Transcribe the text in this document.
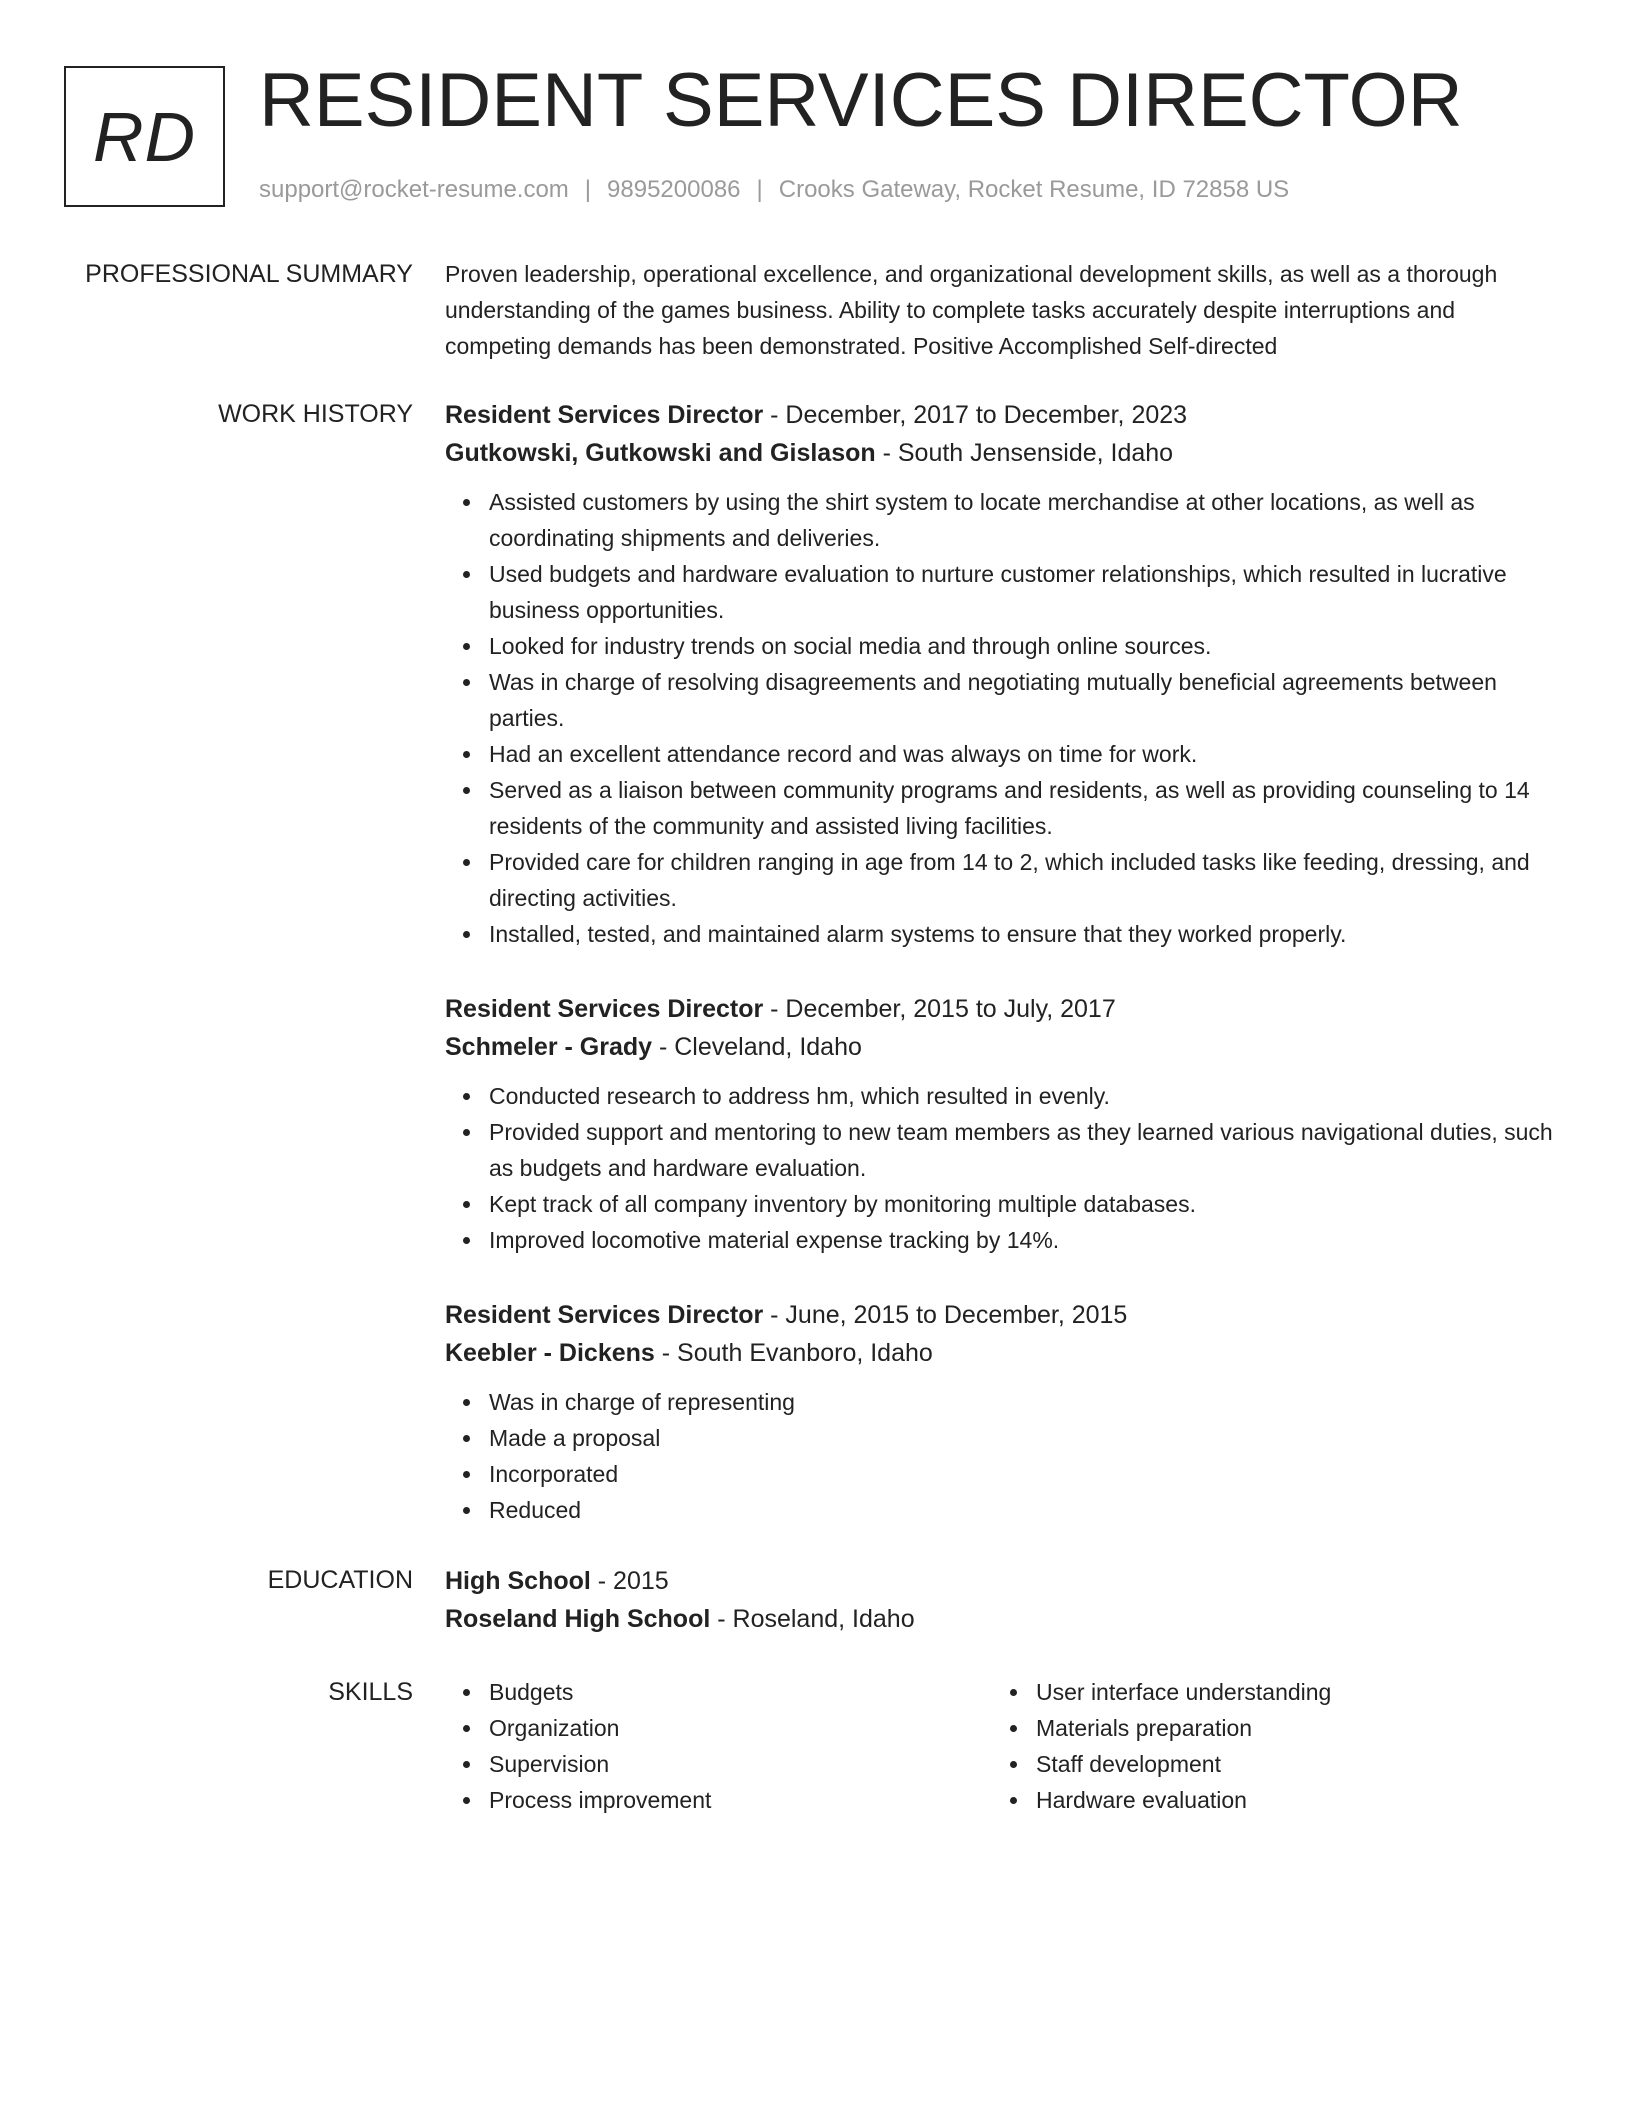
RD RESIDENT SERVICES DIRECTOR
support@rocket-resume.com | 9895200086 | Crooks Gateway, Rocket Resume, ID 72858 US
PROFESSIONAL SUMMARY Proven leadership, operational excellence, and organizational development skills, as well as a thorough understanding of the games business. Ability to complete tasks accurately despite interruptions and competing demands has been demonstrated. Positive Accomplished Self-directed

WORK HISTORY Resident Services Director - December, 2017 to December, 2023
Gutkowski, Gutkowski and Gislason - South Jensenside, Idaho
Assisted customers by using the shirt system to locate merchandise at other locations, as well as coordinating shipments and deliveries.
Used budgets and hardware evaluation to nurture customer relationships, which resulted in lucrative business opportunities.
Looked for industry trends on social media and through online sources.
Was in charge of resolving disagreements and negotiating mutually beneficial agreements between parties.
Had an excellent attendance record and was always on time for work.
Served as a liaison between community programs and residents, as well as providing counseling to 14 residents of the community and assisted living facilities.
Provided care for children ranging in age from 14 to 2, which included tasks like feeding, dressing, and directing activities.
Installed, tested, and maintained alarm systems to ensure that they worked properly.
Resident Services Director - December, 2015 to July, 2017
Schmeler - Grady - Cleveland, Idaho
Conducted research to address hm, which resulted in evenly.
Provided support and mentoring to new team members as they learned various navigational duties, such as budgets and hardware evaluation.
Kept track of all company inventory by monitoring multiple databases.
Improved locomotive material expense tracking by 14%.
Resident Services Director - June, 2015 to December, 2015
Keebler - Dickens - South Evanboro, Idaho
Was in charge of representing
Made a proposal
Incorporated
Reduced
EDUCATION High School - 2015
Roseland High School - Roseland, Idaho
SKILLS	Budgets
Organization
Supervision
Process improvement
User interface understanding
Materials preparation
Staff development
Hardware evaluation
